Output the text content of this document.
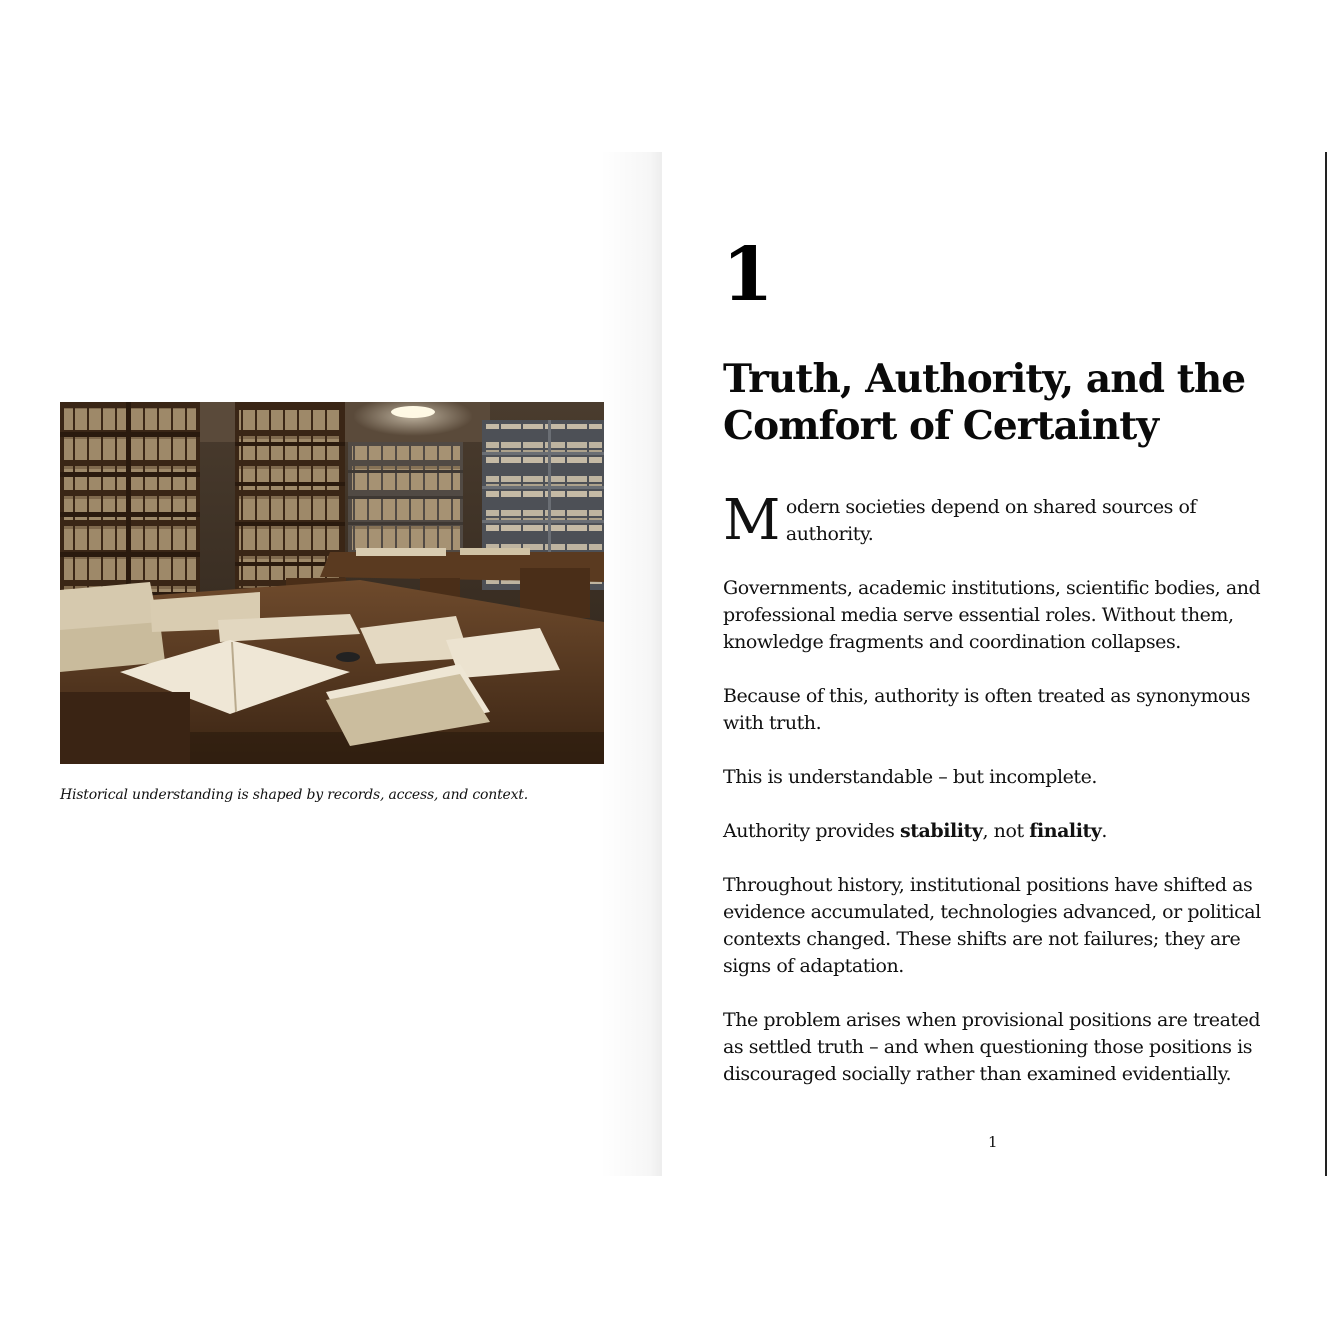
Historical understanding is shaped by records, access, and context.
1
Truth, Authority, and the Comfort of Certainty

Modern societies depend on shared sources of authority.

Governments, academic institutions, scientific bodies, and professional media serve essential roles. Without them, knowledge fragments and coordination collapses.

Because of this, authority is often treated as synonymous with truth.

This is understandable – but incomplete.

Authority provides stability, not finality.

Throughout history, institutional positions have shifted as evidence accumulated, technologies advanced, or political contexts changed. These shifts are not failures; they are signs of adaptation.

The problem arises when provisional positions are treated as settled truth – and when questioning those positions is discouraged socially rather than examined evidentially.

1
